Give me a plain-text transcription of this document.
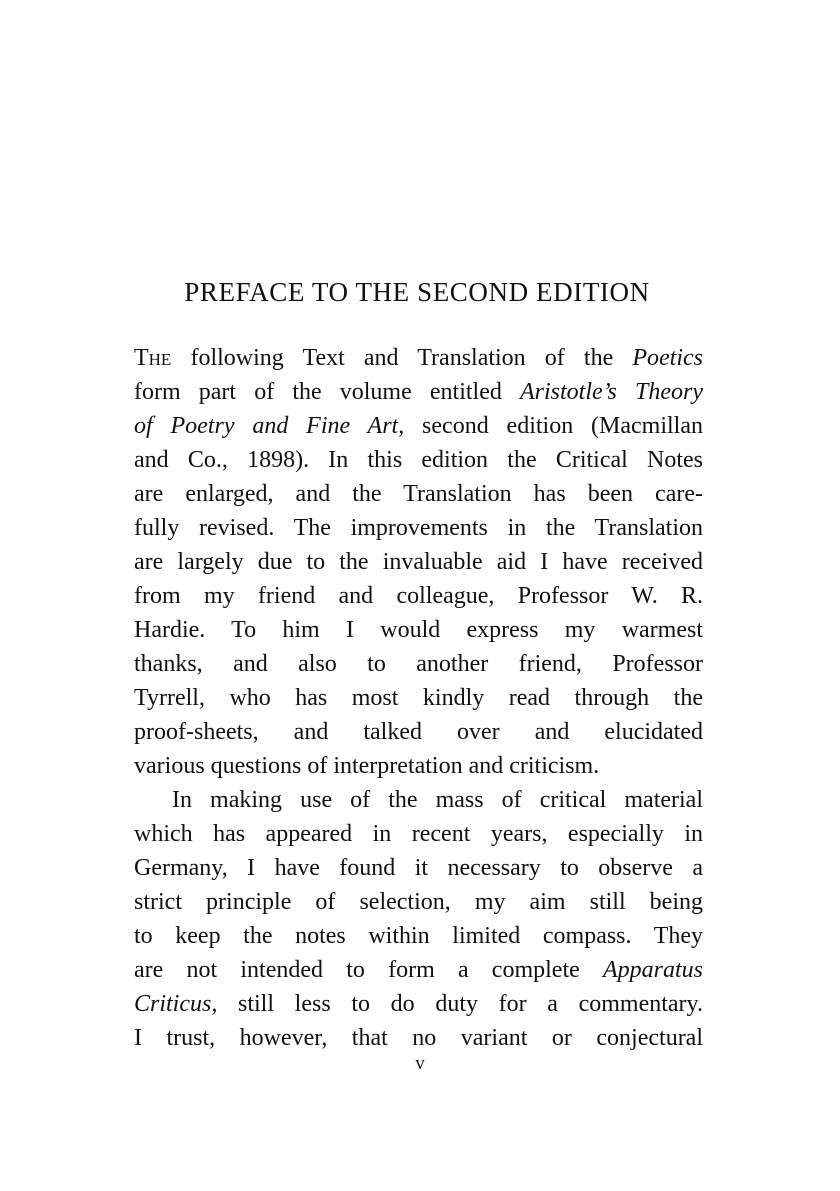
PREFACE TO THE SECOND EDITION
The following Text and Translation of the Poetics
form part of the volume entitled Aristotle’s Theory
of Poetry and Fine Art, second edition (Macmillan
and Co., 1898). In this edition the Critical Notes
are enlarged, and the Translation has been care-
fully revised. The improvements in the Translation
are largely due to the invaluable aid I have received
from my friend and colleague, Professor W. R.
Hardie. To him I would express my warmest
thanks, and also to another friend, Professor
Tyrrell, who has most kindly read through the
proof-sheets, and talked over and elucidated
various questions of interpretation and criticism.
In making use of the mass of critical material
which has appeared in recent years, especially in
Germany, I have found it necessary to observe a
strict principle of selection, my aim still being
to keep the notes within limited compass. They
are not intended to form a complete Apparatus
Criticus, still less to do duty for a commentary.
I trust, however, that no variant or conjectural
v
